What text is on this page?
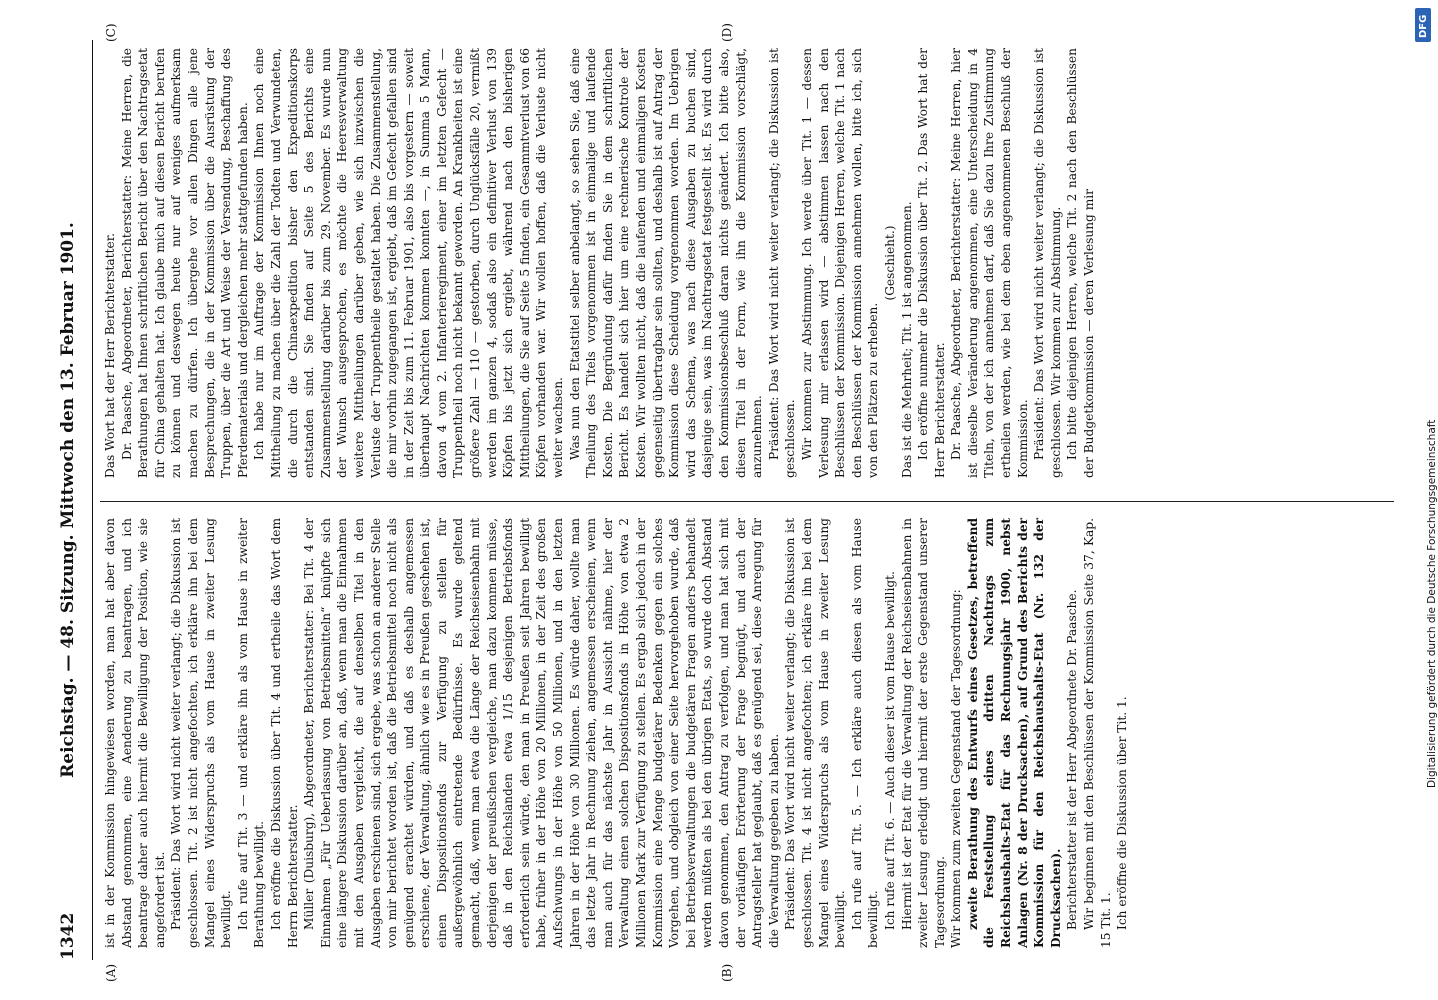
1342
Reichstag. — 48. Sitzung. Mittwoch den 13. Februar 1901.
(A)	(B)
(C)	(D)

ist in der Kommission hingewiesen worden, man hat aber davon Abstand genommen, eine Aenderung zu beantragen, und ich beantrage daher auch hiermit die Bewilligung der Position, wie sie angefordert ist. Präsident: Das Wort wird nicht weiter verlangt; die Diskussion ist geschlossen. Tit. 2 ist nicht angefochten, ich erkläre ihn bei dem Mangel eines Widerspruchs als vom Hause in zweiter Lesung bewilligt. Ich rufe auf Tit. 3 — und erkläre ihn als vom Hause in zweiter Berathung bewilligt. Ich eröffne die Diskussion über Tit. 4 und ertheile das Wort dem Herrn Berichterstatter. Müller (Duisburg), Abgeordneter, Berichterstatter: Bei Tit. 4 der Einnahmen „Für Ueberlassung von Betriebsmitteln“ knüpfte sich eine längere Diskussion darüber an, daß, wenn man die Einnahmen mit den Ausgaben vergleicht, die auf denselben Titel in den Ausgaben erschienen sind, sich ergebe, was schon an anderer Stelle von mir berichtet worden ist, daß die Betriebsmittel noch nicht als genügend erachtet würden, und daß es deshalb angemessen erschiene, der Verwaltung, ähnlich wie es in Preußen geschehen ist, einen Dispositionsfonds zur Verfügung zu stellen für außergewöhnlich eintretende Bedürfnisse. Es wurde geltend gemacht, daß, wenn man etwa die Länge der Reichseisenbahn mit derjenigen der preußischen vergleiche, man dazu kommen müsse, daß in den Reichslanden etwa 1/15 desjenigen Betriebsfonds erforderlich sein würde, den man in Preußen seit Jahren bewilligt habe, früher in der Höhe von 20 Millionen, in der Zeit des großen Aufschwungs in der Höhe von 50 Millionen, und in den letzten Jahren in der Höhe von 30 Millionen. Es würde daher, wollte man das letzte Jahr in Rechnung ziehen, angemessen erscheinen, wenn man auch für das nächste Jahr in Aussicht nähme, hier der Verwaltung einen solchen Dispositionsfonds in Höhe von etwa 2 Millionen Mark zur Verfügung zu stellen. Es ergab sich jedoch in der Kommission eine Menge budgetärer Bedenken gegen ein solches Vorgehen, und obgleich von einer Seite hervorgehoben wurde, daß bei Betriebsverwaltungen die budgetären Fragen anders behandelt werden müßten als bei den übrigen Etats, so wurde doch Abstand davon genommen, den Antrag zu verfolgen, und man hat sich mit der vorläufigen Erörterung der Frage begnügt, und auch der Antragsteller hat geglaubt, daß es genügend sei, diese Anregung für die Verwaltung gegeben zu haben. Präsident: Das Wort wird nicht weiter verlangt; die Diskussion ist geschlossen. Tit. 4 ist nicht angefochten; ich erkläre ihn bei dem Mangel eines Widerspruchs als vom Hause in zweiter Lesung bewilligt. Ich rufe auf Tit. 5. — Ich erkläre auch diesen als vom Hause bewilligt. Ich rufe auf Tit. 6. — Auch dieser ist vom Hause bewilligt. Hiermit ist der Etat für die Verwaltung der Reichseisenbahnen in zweiter Lesung erledigt und hiermit der erste Gegenstand unserer Tagesordnung. Wir kommen zum zweiten Gegenstand der Tagesordnung: zweite Berathung des Entwurfs eines Gesetzes, betreffend die Feststellung eines dritten Nachtrags zum Reichshaushalts-Etat für das Rechnungsjahr 1900, nebst Anlagen (Nr. 8 der Drucksachen), auf Grund des Berichts der Kommission für den Reichshaushalts-Etat (Nr. 132 der Drucksachen). Berichterstatter ist der Herr Abgeordnete Dr. Paasche. Wir beginnen mit den Beschlüssen der Kommission Seite 37, Kap. 15 Tit. 1. Ich eröffne die Diskussion über Tit. 1.

Das Wort hat der Herr Berichterstatter. Dr. Paasche, Abgeordneter, Berichterstatter: Meine Herren, die Berathungen hat Ihnen schriftlichen Bericht über den Nachtragsetat für China gehalten hat. Ich glaube mich auf diesen Bericht berufen zu können und deswegen heute nur auf weniges aufmerksam machen zu dürfen. Ich übergehe vor allen Dingen alle jene Besprechungen, die in der Kommission über die Ausrüstung der Truppen, über die Art und Weise der Versendung, Beschaffung des Pferdematerials und dergleichen mehr stattgefunden haben. Ich habe nur im Auftrage der Kommission Ihnen noch eine Mittheilung zu machen über die Zahl der Todten und Verwundeten, die durch die Chinaexpedition bisher den Expeditionskorps entstanden sind. Sie finden auf Seite 5 des Berichts eine Zusammenstellung darüber bis zum 29. November. Es wurde nun der Wunsch ausgesprochen, es möchte die Heeresverwaltung weitere Mittheilungen darüber geben, wie sich inzwischen die Verluste der Truppentheile gestaltet haben. Die Zusammenstellung, die mir vorhin zugegangen ist, ergiebt, daß im Gefecht gefallen sind in der Zeit bis zum 11. Februar 1901, also bis vorgestern — soweit überhaupt Nachrichten kommen konnten —, in Summa 5 Mann, davon 4 vom 2. Infanterieregiment, einer im letzten Gefecht — Truppentheil noch nicht bekannt geworden. An Krankheiten ist eine größere Zahl — 110 — gestorben, durch Unglücksfälle 20, vermißt werden im ganzen 4, sodaß also ein definitiver Verlust von 139 Köpfen bis jetzt sich ergiebt, während nach den bisherigen Mittheilungen, die Sie auf Seite 5 finden, ein Gesammtverlust von 66 Köpfen vorhanden war. Wir wollen hoffen, daß die Verluste nicht weiter wachsen. Was nun den Etatstitel selber anbelangt, so sehen Sie, daß eine Theilung des Titels vorgenommen ist in einmalige und laufende Kosten. Die Begründung dafür finden Sie in dem schriftlichen Bericht. Es handelt sich hier um eine rechnerische Kontrole der Kosten. Wir wollten nicht, daß die laufenden und einmaligen Kosten gegenseitig übertragbar sein sollten, und deshalb ist auf Antrag der Kommission diese Scheidung vorgenommen worden. Im Uebrigen wird das Schema, was nach diese Ausgaben zu buchen sind, dasjenige sein, was im Nachtragsetat festgestellt ist. Es wird durch den Kommissionsbeschluß daran nichts geändert. Ich bitte also, diesen Titel in der Form, wie ihn die Kommission vorschlägt, anzunehmen. Präsident: Das Wort wird nicht weiter verlangt; die Diskussion ist geschlossen. Wir kommen zur Abstimmung. Ich werde über Tit. 1 — dessen Verlesung mir erlassen wird — abstimmen lassen nach den Beschlüssen der Kommission. Diejenigen Herren, welche Tit. 1 nach den Beschlüssen der Kommission annehmen wollen, bitte ich, sich von den Plätzen zu erheben.

(Geschieht.) Das ist die Mehrheit; Tit. 1 ist angenommen. Ich eröffne nunmehr die Diskussion über Tit. 2. Das Wort hat der Herr Berichterstatter. Dr. Paasche, Abgeordneter, Berichterstatter: Meine Herren, hier ist dieselbe Veränderung angenommen, eine Unterscheidung in 4 Titeln, von der ich annehmen darf, daß Sie dazu Ihre Zustimmung ertheilen werden, wie bei dem eben angenommenen Beschluß der Kommission. Präsident: Das Wort wird nicht weiter verlangt; die Diskussion ist geschlossen. Wir kommen zur Abstimmung. Ich bitte diejenigen Herren, welche Tit. 2 nach den Beschlüssen der Budgetkommission — deren Verlesung mir

Digitalisierung gefördert durch die Deutsche Forschungsgemeinschaft
DFG
